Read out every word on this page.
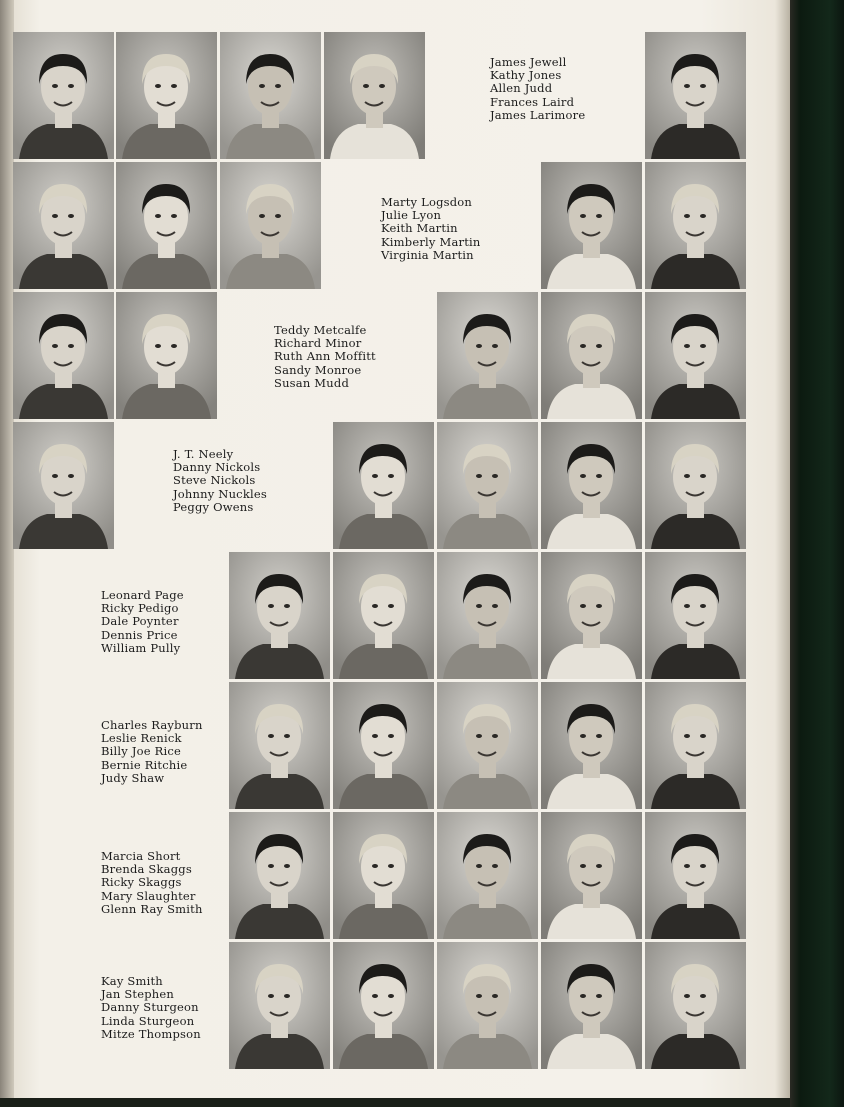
James Jewell
Kathy Jones
Allen Judd
Frances Laird
James Larimore
Marty Logsdon
Julie Lyon
Keith Martin
Kimberly Martin
Virginia Martin
Teddy Metcalfe
Richard Minor
Ruth Ann Moffitt
Sandy Monroe
Susan Mudd
J. T. Neely
Danny Nickols
Steve Nickols
Johnny Nuckles
Peggy Owens
Leonard Page
Ricky Pedigo
Dale Poynter
Dennis Price
William Pully
Charles Rayburn
Leslie Renick
Billy Joe Rice
Bernie Ritchie
Judy Shaw
Marcia Short
Brenda Skaggs
Ricky Skaggs
Mary Slaughter
Glenn Ray Smith
Kay Smith
Jan Stephen
Danny Sturgeon
Linda Sturgeon
Mitze Thompson
